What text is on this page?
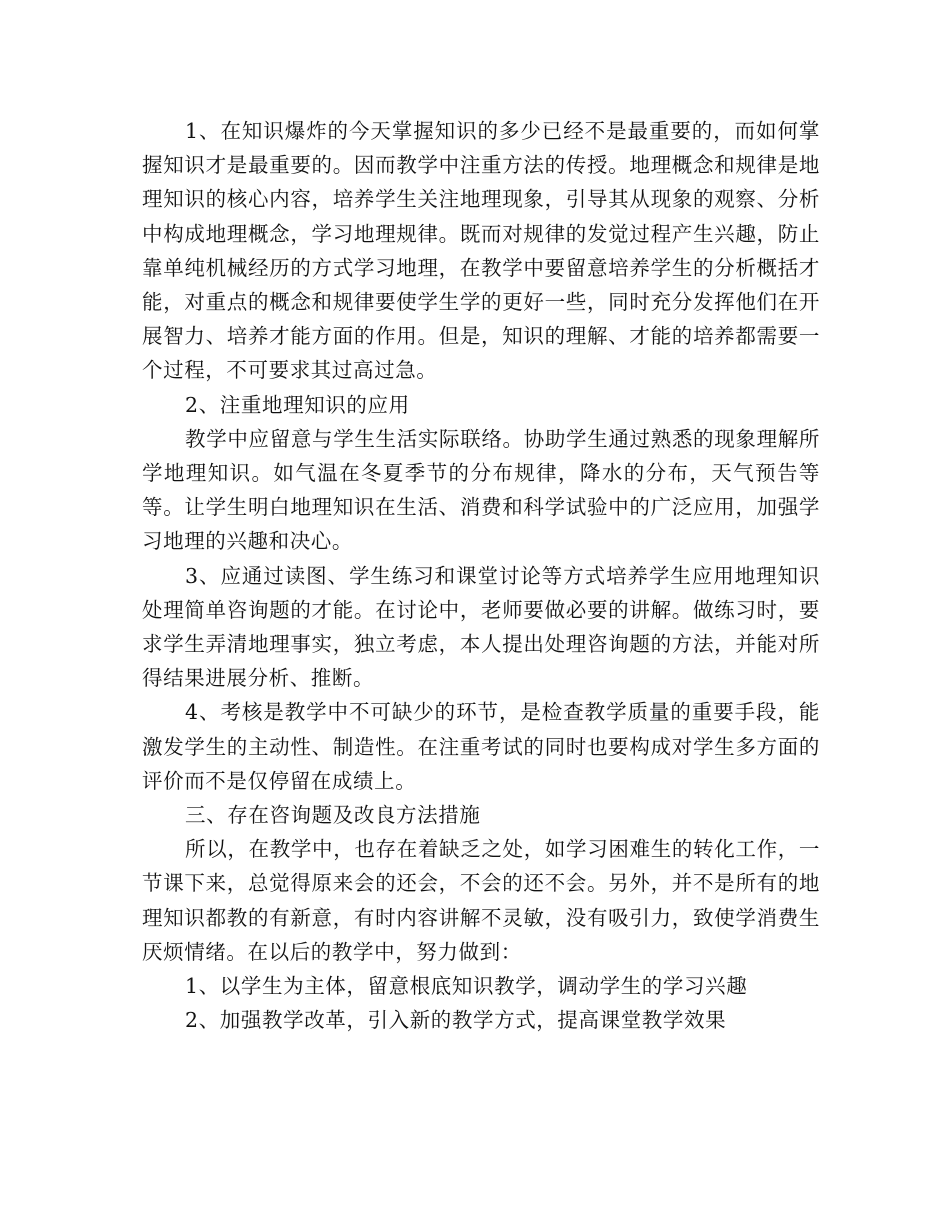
1、在知识爆炸的今天掌握知识的多少已经不是最重要的，而如何掌握知识才是最重要的。因而教学中注重方法的传授。地理概念和规律是地理知识的核心内容，培养学生关注地理现象，引导其从现象的观察、分析中构成地理概念，学习地理规律。既而对规律的发觉过程产生兴趣，防止靠单纯机械经历的方式学习地理，在教学中要留意培养学生的分析概括才能，对重点的概念和规律要使学生学的更好一些，同时充分发挥他们在开展智力、培养才能方面的作用。但是，知识的理解、才能的培养都需要一个过程，不可要求其过高过急。

2、注重地理知识的应用

教学中应留意与学生生活实际联络。协助学生通过熟悉的现象理解所学地理知识。如气温在冬夏季节的分布规律，降水的分布，天气预告等等。让学生明白地理知识在生活、消费和科学试验中的广泛应用，加强学习地理的兴趣和决心。

3、应通过读图、学生练习和课堂讨论等方式培养学生应用地理知识处理简单咨询题的才能。在讨论中，老师要做必要的讲解。做练习时，要求学生弄清地理事实，独立考虑，本人提出处理咨询题的方法，并能对所得结果进展分析、推断。

4、考核是教学中不可缺少的环节，是检查教学质量的重要手段，能激发学生的主动性、制造性。在注重考试的同时也要构成对学生多方面的评价而不是仅停留在成绩上。

三、存在咨询题及改良方法措施

所以，在教学中，也存在着缺乏之处，如学习困难生的转化工作，一节课下来，总觉得原来会的还会，不会的还不会。另外，并不是所有的地理知识都教的有新意，有时内容讲解不灵敏，没有吸引力，致使学消费生厌烦情绪。在以后的教学中，努力做到：

1、以学生为主体，留意根底知识教学，调动学生的学习兴趣

2、加强教学改革，引入新的教学方式，提高课堂教学效果
